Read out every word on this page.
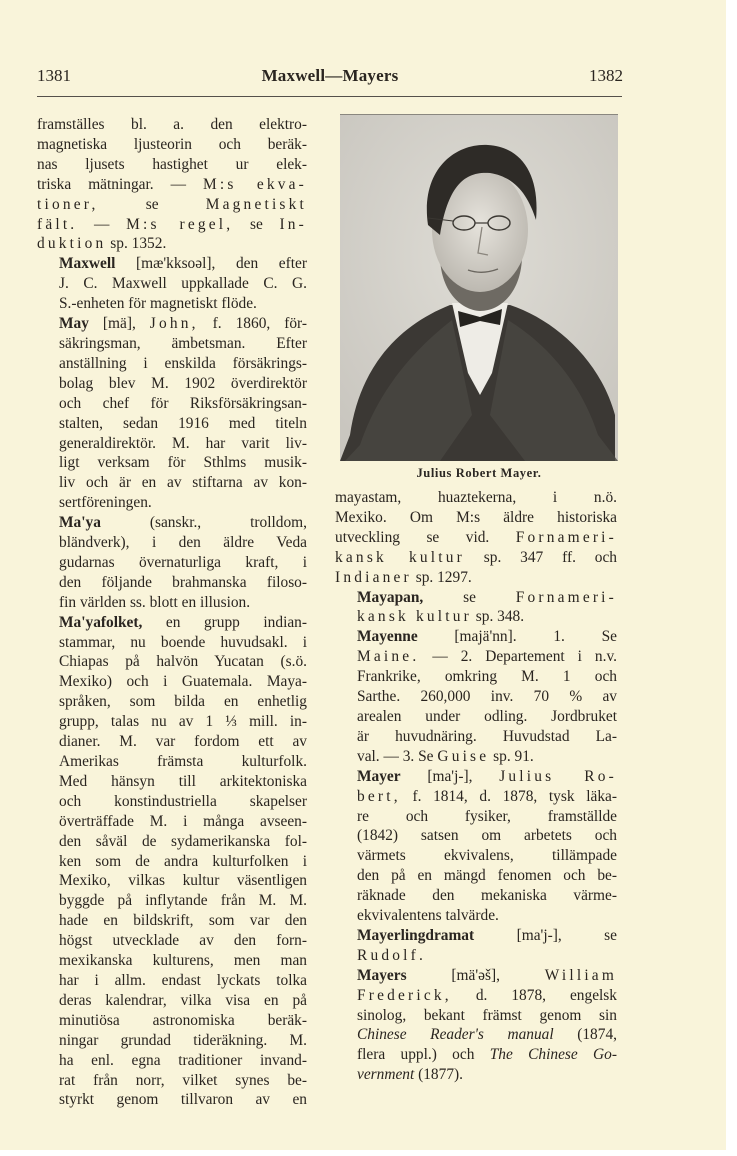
1381	Maxwell—Mayers	1382

framställes bl. a. den elektro-
magnetiska ljusteorin och beräk-
nas ljusets hastighet ur elek-
triska mätningar. — M:s ekva-
tioner, se Magnetiskt
fält. — M:s regel, se In-
duktion sp. 1352.

Maxwell [mæ'kksoəl], den efter
J. C. Maxwell uppkallade C. G.
S.-enheten för magnetiskt flöde.

May [mä], John, f. 1860, för-
säkringsman, ämbetsman. Efter
anställning i enskilda försäkrings-
bolag blev M. 1902 överdirektör
och chef för Riksförsäkringsan-
stalten, sedan 1916 med titeln
generaldirektör. M. har varit liv-
ligt verksam för Sthlms musik-
liv och är en av stiftarna av kon-
sertföreningen.

Ma'ya (sanskr., trolldom,
bländverk), i den äldre Veda
gudarnas övernaturliga kraft, i
den följande brahmanska filoso-
fin världen ss. blott en illusion.

Ma'yafolket, en grupp indian-
stammar, nu boende huvudsakl. i
Chiapas på halvön Yucatan (s.ö.
Mexiko) och i Guatemala. Maya-
språken, som bilda en enhetlig
grupp, talas nu av 1 ⅓ mill. in-
dianer. M. var fordom ett av
Amerikas främsta kulturfolk.
Med hänsyn till arkitektoniska
och konstindustriella skapelser
överträffade M. i många avseen-
den såväl de sydamerikanska fol-
ken som de andra kulturfolken i
Mexiko, vilkas kultur väsentligen
byggde på inflytande från M. M.
hade en bildskrift, som var den
högst utvecklade av den forn-
mexikanska kulturens, men man
har i allm. endast lyckats tolka
deras kalendrar, vilka visa en på
minutiösa astronomiska beräk-
ningar grundad tideräkning. M.
ha enl. egna traditioner invand-
rat från norr, vilket synes be-
styrkt genom tillvaron av en

Julius Robert Mayer.

mayastam, huaztekerna, i n.ö.
Mexiko. Om M:s äldre historiska
utveckling se vid. Fornameri-
kansk kultur sp. 347 ff. och
Indianer sp. 1297.

Mayapan, se Fornameri-
kansk kultur sp. 348.

Mayenne [majä'nn]. 1. Se
Maine. — 2. Departement i n.v.
Frankrike, omkring M. 1 och
Sarthe. 260,000 inv. 70 % av
arealen under odling. Jordbruket
är huvudnäring. Huvudstad La-
val. — 3. Se Guise sp. 91.

Mayer [ma'j-], Julius Ro-
bert, f. 1814, d. 1878, tysk läka-
re och fysiker, framställde
(1842) satsen om arbetets och
värmets ekvivalens, tillämpade
den på en mängd fenomen och be-
räknade den mekaniska värme-
ekvivalentens talvärde.

Mayerlingdramat [ma'j-], se
Rudolf.

Mayers [mä'əš], William
Frederick, d. 1878, engelsk
sinolog, bekant främst genom sin
Chinese Reader's manual (1874,
flera uppl.) och The Chinese Go-
vernment (1877).
